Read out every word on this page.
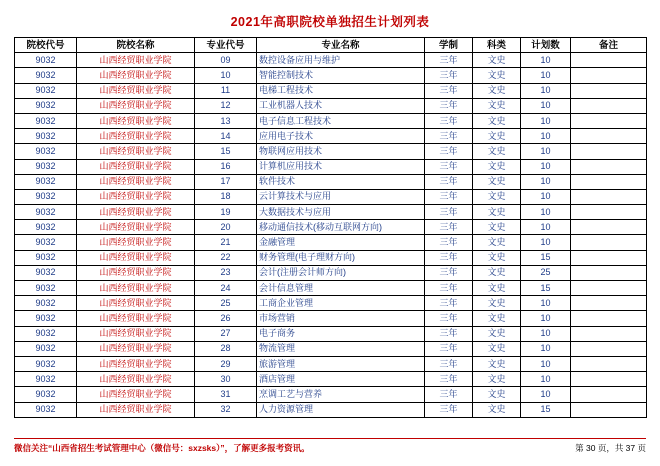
2021年高职院校单独招生计划列表
院校代号	院校名称	专业代号	专业名称	学制	科类	计划数	备注
9032	山西经贸职业学院	09	数控设备应用与维护	三年	文史	10	
9032	山西经贸职业学院	10	智能控制技术	三年	文史	10	
9032	山西经贸职业学院	11	电梯工程技术	三年	文史	10	
9032	山西经贸职业学院	12	工业机器人技术	三年	文史	10	
9032	山西经贸职业学院	13	电子信息工程技术	三年	文史	10	
9032	山西经贸职业学院	14	应用电子技术	三年	文史	10	
9032	山西经贸职业学院	15	物联网应用技术	三年	文史	10	
9032	山西经贸职业学院	16	计算机应用技术	三年	文史	10	
9032	山西经贸职业学院	17	软件技术	三年	文史	10	
9032	山西经贸职业学院	18	云计算技术与应用	三年	文史	10	
9032	山西经贸职业学院	19	大数据技术与应用	三年	文史	10	
9032	山西经贸职业学院	20	移动通信技术(移动互联网方向)	三年	文史	10	
9032	山西经贸职业学院	21	金融管理	三年	文史	10	
9032	山西经贸职业学院	22	财务管理(电子理财方向)	三年	文史	15	
9032	山西经贸职业学院	23	会计(注册会计师方向)	三年	文史	25	
9032	山西经贸职业学院	24	会计信息管理	三年	文史	15	
9032	山西经贸职业学院	25	工商企业管理	三年	文史	10	
9032	山西经贸职业学院	26	市场营销	三年	文史	10	
9032	山西经贸职业学院	27	电子商务	三年	文史	10	
9032	山西经贸职业学院	28	物流管理	三年	文史	10	
9032	山西经贸职业学院	29	旅游管理	三年	文史	10	
9032	山西经贸职业学院	30	酒店管理	三年	文史	10	
9032	山西经贸职业学院	31	烹调工艺与营养	三年	文史	10	
9032	山西经贸职业学院	32	人力资源管理	三年	文史	15	
微信关注“山西省招生考试管理中心（微信号：sxzsks）”，了解更多报考资讯。	第 30 页，共 37 页
